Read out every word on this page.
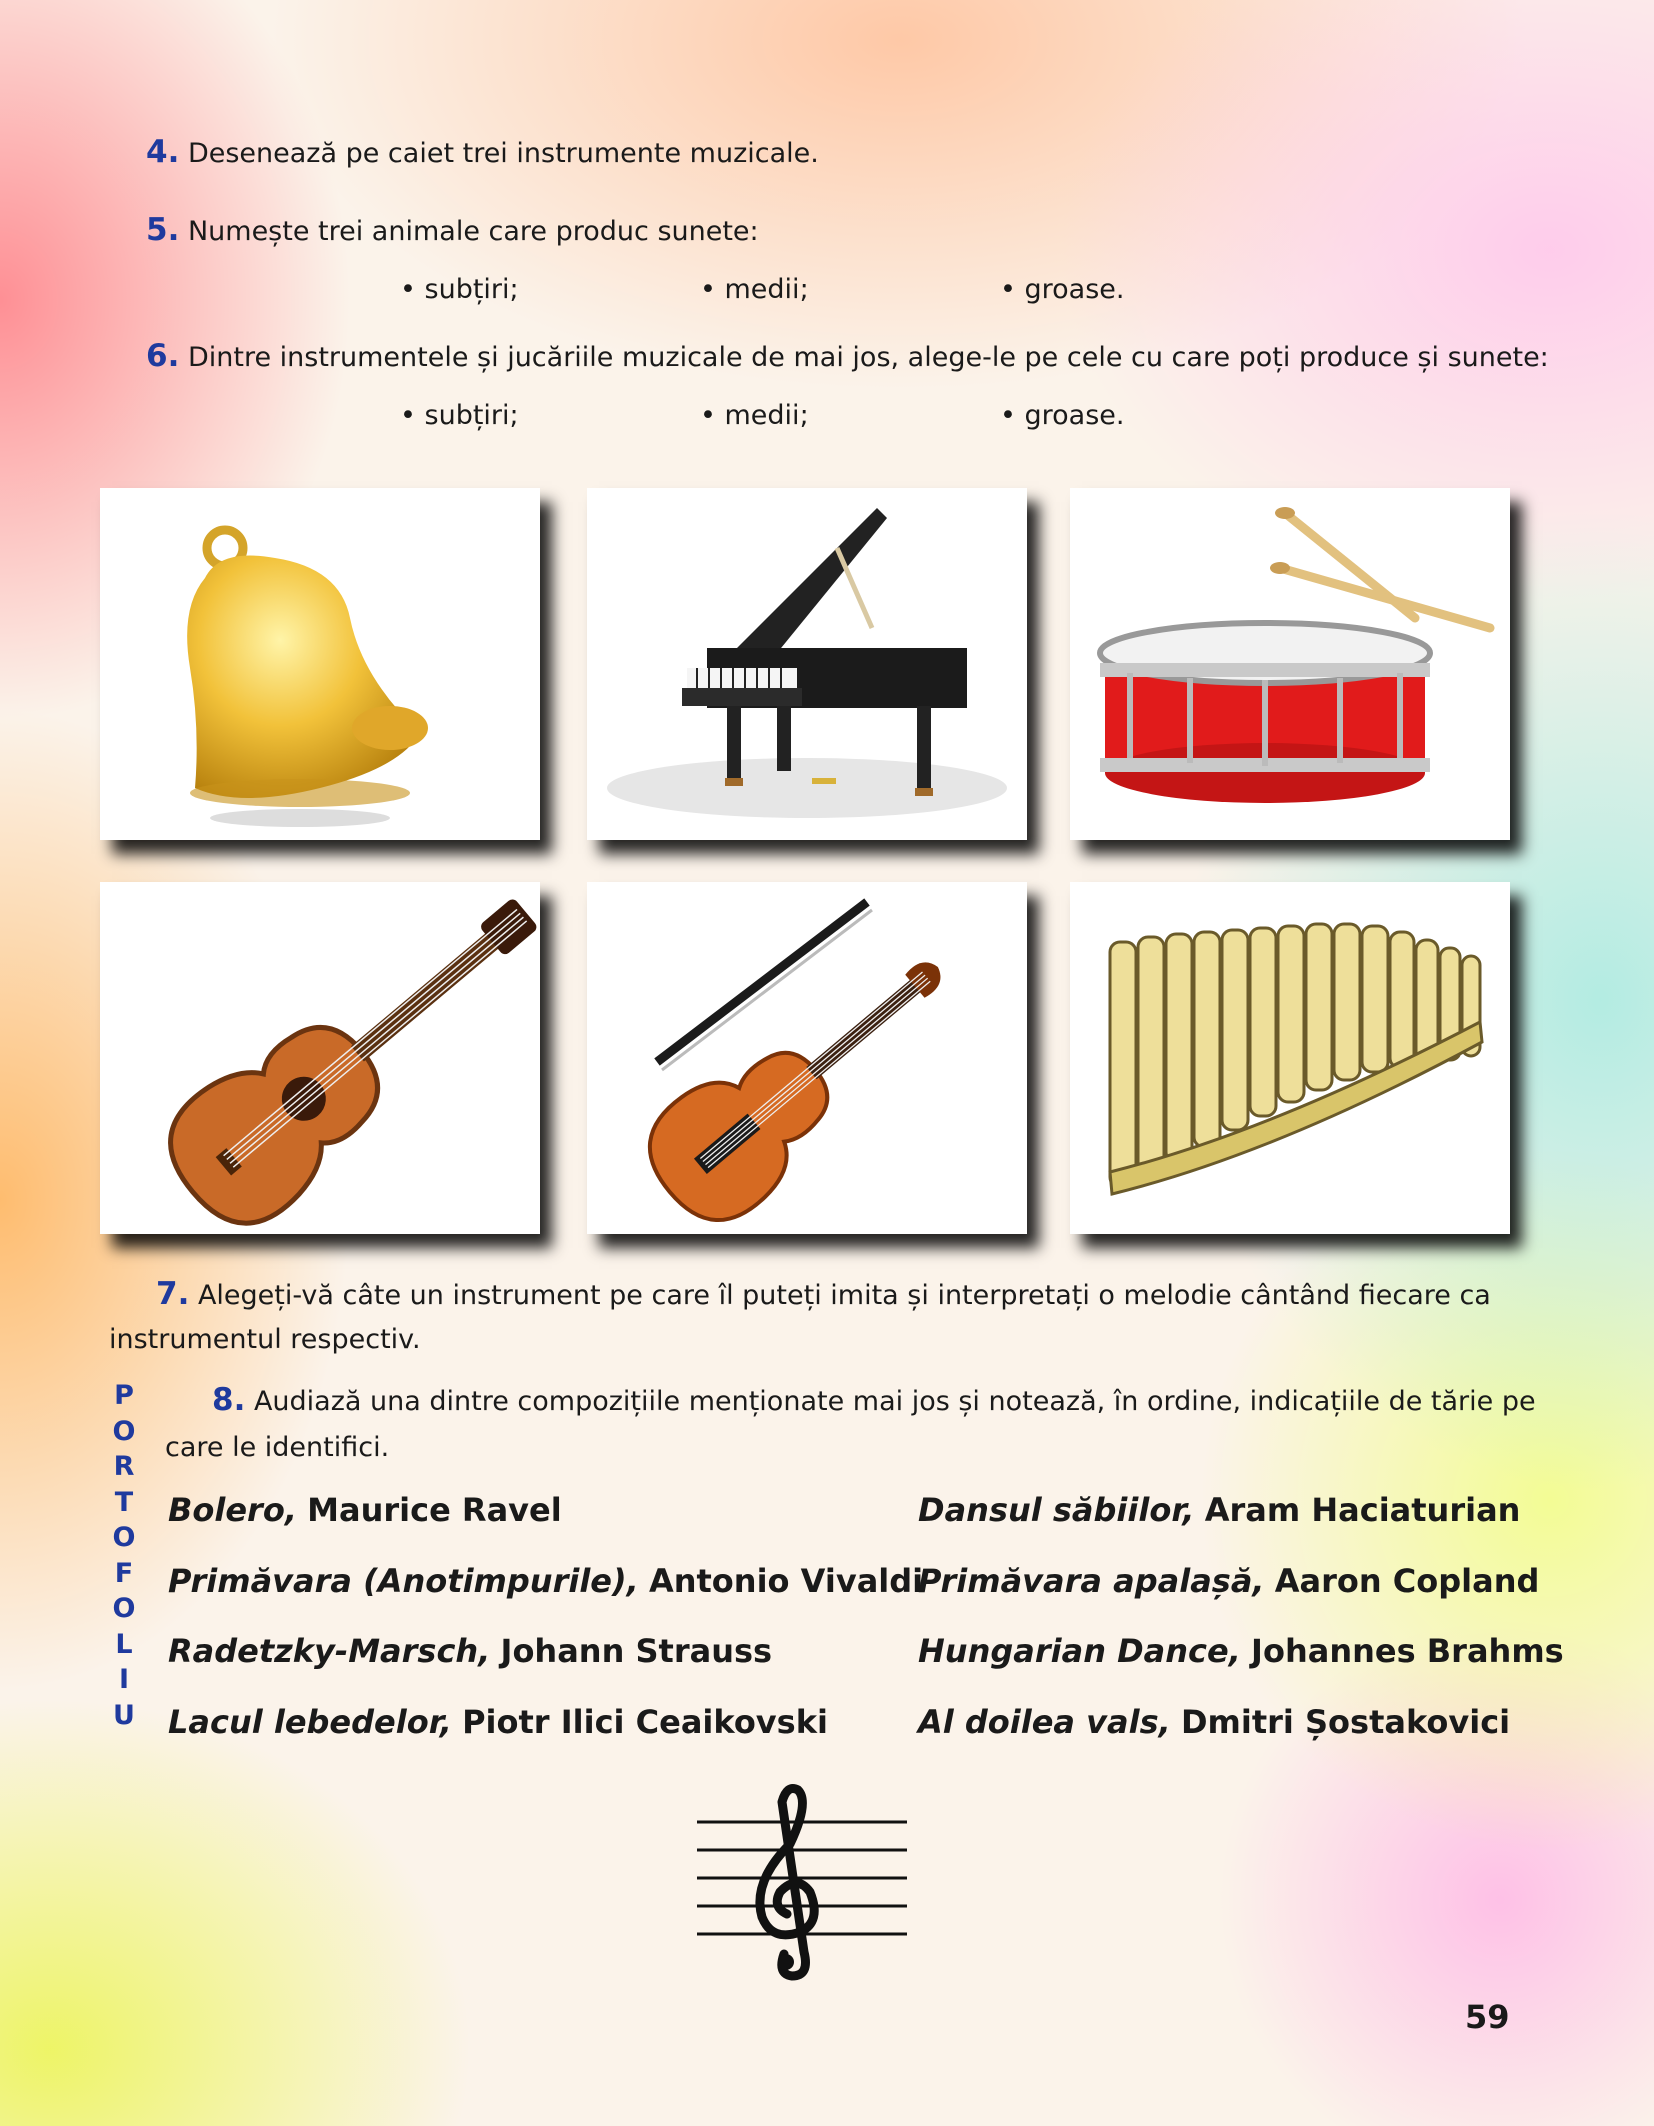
4. Desenează pe caiet trei instrumente muzicale.
5. Numește trei animale care produc sunete:
• subțiri;	• medii;	• groase.
6. Dintre instrumentele și jucăriile muzicale de mai jos, alege-le pe cele cu care poți produce și sunete:
• subțiri;	• medii;	• groase.
7. Alegeți-vă câte un instrument pe care îl puteți imita și interpretați o melodie cântând fiecare ca
instrumentul respectiv.
P
O
R
T
O
F
O
L
I
U
8. Audiază una dintre compozițiile menționate mai jos și notează, în ordine, indicațiile de tărie pe
care le identifici.
Bolero, Maurice Ravel
Primăvara (Anotimpurile), Antonio Vivaldi
Radetzky-Marsch, Johann Strauss
Lacul lebedelor, Piotr Ilici Ceaikovski
Dansul săbiilor, Aram Haciaturian
Primăvara apalașă, Aaron Copland
Hungarian Dance, Johannes Brahms
Al doilea vals, Dmitri Șostakovici
59
